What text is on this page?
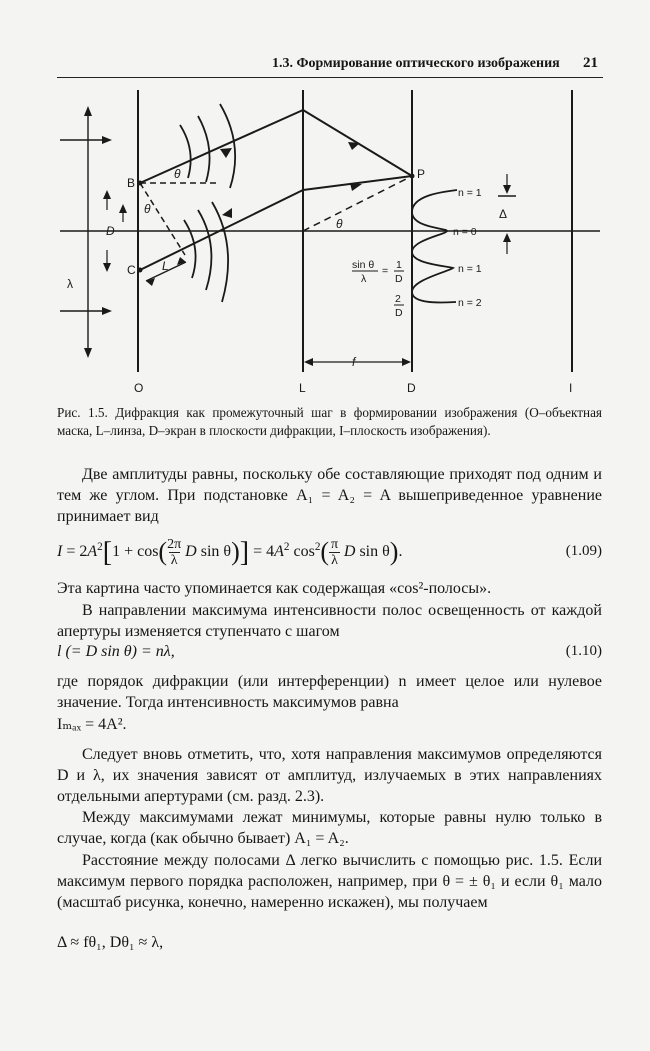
1.3. Формирование оптического изображения 21
B
C
D
λ
θ
θ
θ
L
P
f
Δ
n = 1
n = 0
n = 1
n = 2
sin θ
λ
= 1
D
2
D
O	L	D	I
Рис. 1.5. Дифракция как промежуточный шаг в формировании изображения (O–объектная маска, L–линза, D–экран в плоскости дифракции, I–плоскость изображения).
Две амплитуды равны, поскольку обе составляющие приходят под одним и тем же углом. При подстановке A₁ = A₂ = A вышеприведенное уравнение принимает вид
$I = 2A^2[1 + \cos(2\pi$
λ D $\sin \theta)] = 4A^2$ $\cos^2$( π
λ D sin θ).	(1.09)
Эта картина часто упоминается как содержащая «cos²-полосы».
В направлении максимума интенсивности полос освещенность от каждой апертуры изменяется ступенчато с шагом
l (= D sin θ) = nλ,	(1.10)
где порядок дифракции (или интерференции) n имеет целое или нулевое значение. Тогда интенсивность максимумов равна
Iₘₐₓ = 4A².
Следует вновь отметить, что, хотя направления максимумов определяются D и λ, их значения зависят от амплитуд, излучаемых в этих направлениях отдельными апертурами (см. разд. 2.3).
Между максимумами лежат минимумы, которые равны нулю только в случае, когда (как обычно бывает) A₁ = A₂.
Расстояние между полосами Δ легко вычислить с помощью рис. 1.5. Если максимум первого порядка расположен, например, при θ = ± θ₁ и если θ₁ мало (масштаб рисунка, конечно, намеренно искажен), мы получаем
Δ ≈ fθ₁, Dθ₁ ≈ λ,
